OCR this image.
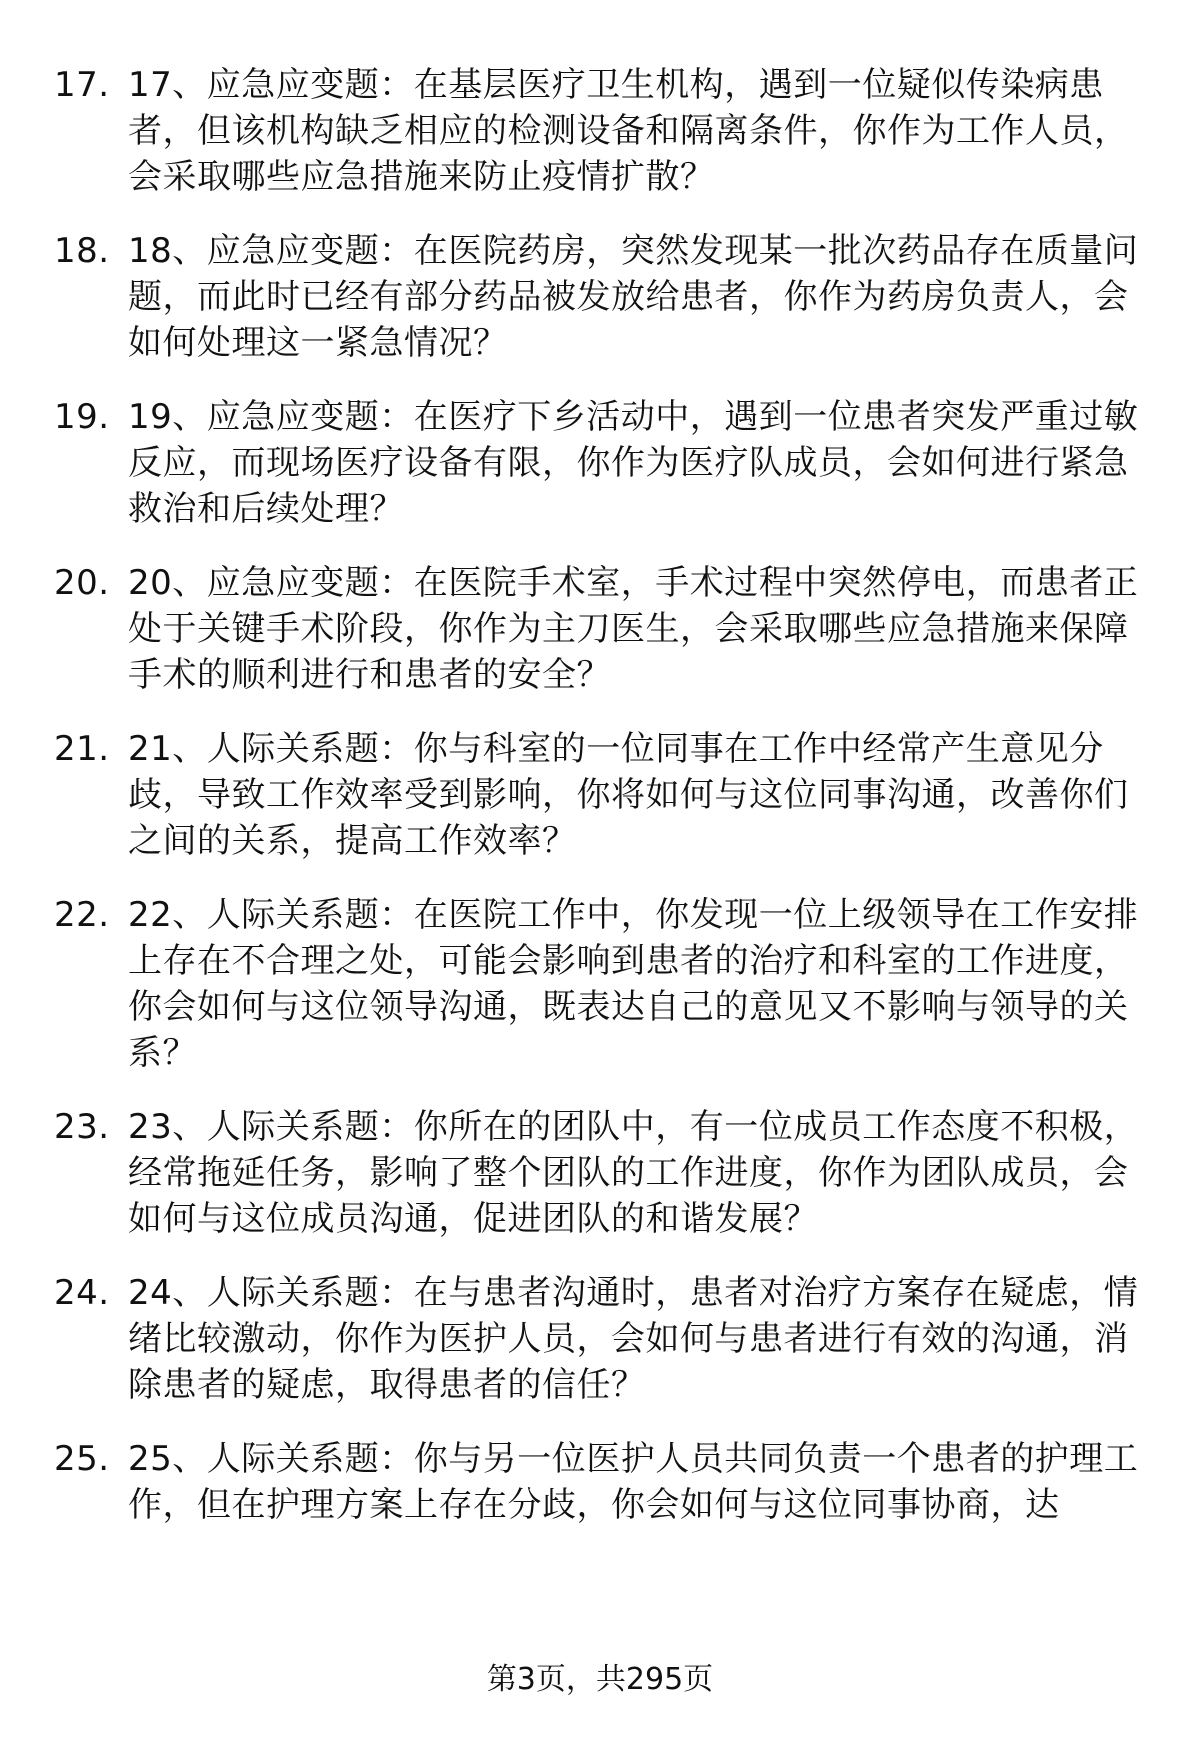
17. 17、应急应变题：在基层医疗卫生机构，遇到一位疑似传染病患者，但该机构缺乏相应的检测设备和隔离条件，你作为工作人员，会采取哪些应急措施来防止疫情扩散？
18. 18、应急应变题：在医院药房，突然发现某一批次药品存在质量问题，而此时已经有部分药品被发放给患者，你作为药房负责人，会如何处理这一紧急情况？
19. 19、应急应变题：在医疗下乡活动中，遇到一位患者突发严重过敏反应，而现场医疗设备有限，你作为医疗队成员，会如何进行紧急救治和后续处理？
20. 20、应急应变题：在医院手术室，手术过程中突然停电，而患者正处于关键手术阶段，你作为主刀医生，会采取哪些应急措施来保障手术的顺利进行和患者的安全？
21. 21、人际关系题：你与科室的一位同事在工作中经常产生意见分歧，导致工作效率受到影响，你将如何与这位同事沟通，改善你们之间的关系，提高工作效率？
22. 22、人际关系题：在医院工作中，你发现一位上级领导在工作安排上存在不合理之处，可能会影响到患者的治疗和科室的工作进度，你会如何与这位领导沟通，既表达自己的意见又不影响与领导的关系？
23. 23、人际关系题：你所在的团队中，有一位成员工作态度不积极，经常拖延任务，影响了整个团队的工作进度，你作为团队成员，会如何与这位成员沟通，促进团队的和谐发展？
24. 24、人际关系题：在与患者沟通时，患者对治疗方案存在疑虑，情绪比较激动，你作为医护人员，会如何与患者进行有效的沟通，消除患者的疑虑，取得患者的信任？
25. 25、人际关系题：你与另一位医护人员共同负责一个患者的护理工作，但在护理方案上存在分歧，你会如何与这位同事协商，达
第3页，共295页
